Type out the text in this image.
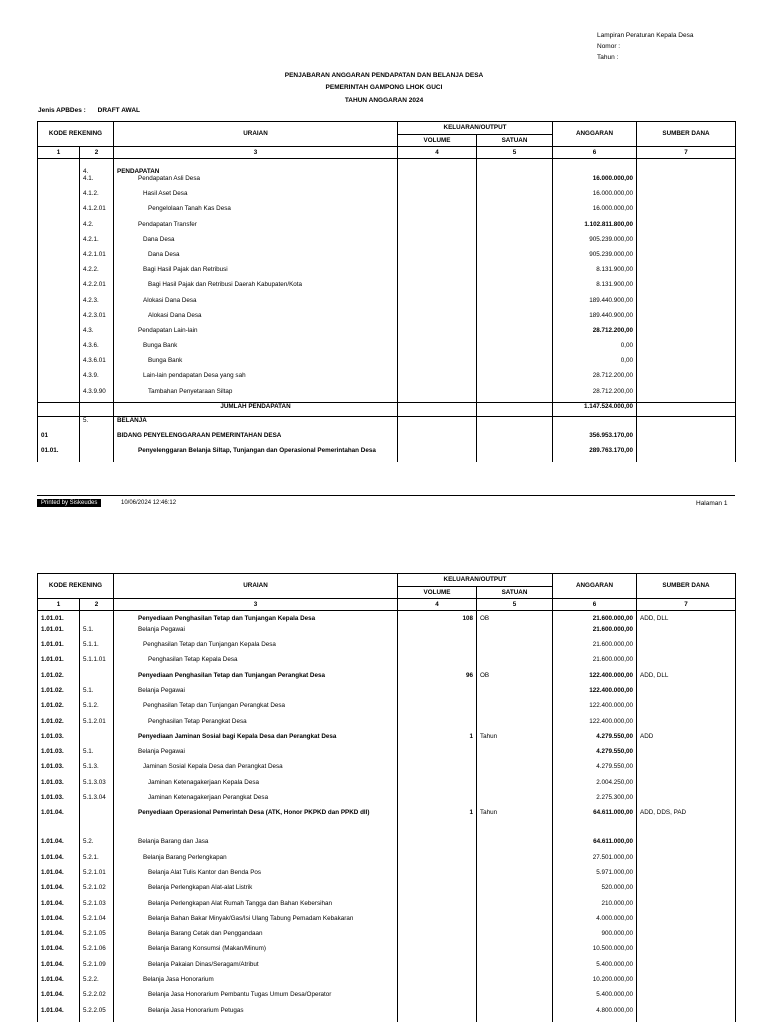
Lampiran Peraturan Kepala Desa
Nomor :
Tahun :
PENJABARAN ANGGARAN PENDAPATAN DAN BELANJA DESA
PEMERINTAH GAMPONG LHOK GUCI
TAHUN ANGGARAN 2024
Jenis APBDes : DRAFT AWAL
KODE REKENING		URAIAN	KELUARAN/OUTPUT		ANGGARAN	SUMBER DANA
			VOLUME	SATUAN		
1	2	3	4	5	6	7
	4.	PENDAPATAN				
	4.1.	Pendapatan Asli Desa			16.000.000,00	
	4.1.2.	Hasil Aset Desa			16.000.000,00	
	4.1.2.01	Pengelolaan Tanah Kas Desa			16.000.000,00	
	4.2.	Pendapatan Transfer			1.102.811.800,00	
	4.2.1.	Dana Desa			905.239.000,00	
	4.2.1.01	Dana Desa			905.239.000,00	
	4.2.2.	Bagi Hasil Pajak dan Retribusi			8.131.900,00	
	4.2.2.01	Bagi Hasil Pajak dan Retribusi Daerah Kabupaten/Kota			8.131.900,00	
	4.2.3.	Alokasi Dana Desa			189.440.900,00	
	4.2.3.01	Alokasi Dana Desa			189.440.900,00	
	4.3.	Pendapatan Lain-lain			28.712.200,00	
	4.3.6.	Bunga Bank			0,00	
	4.3.6.01	Bunga Bank			0,00	
	4.3.9.	Lain-lain pendapatan Desa yang sah			28.712.200,00	
	4.3.9.90	Tambahan Penyetaraan Siltap			28.712.200,00	
		JUMLAH PENDAPATAN			1.147.524.000,00	
	5.	BELANJA				
01		BIDANG PENYELENGGARAAN PEMERINTAHAN DESA			356.953.170,00	
01.01.		Penyelenggaran Belanja Siltap, Tunjangan dan Operasional Pemerintahan Desa			289.763.170,00	
Printed by Siskeudes	10/06/2024 12:46:12	Halaman 1
KODE REKENING		URAIAN	KELUARAN/OUTPUT		ANGGARAN	SUMBER DANA
			VOLUME	SATUAN		
1	2	3	4	5	6	7
1.01.01.		Penyediaan Penghasilan Tetap dan Tunjangan Kepala Desa	108	OB	21.600.000,00	ADD, DLL
1.01.01.	5.1.	Belanja Pegawai			21.600.000,00	
1.01.01.	5.1.1.	Penghasilan Tetap dan Tunjangan Kepala Desa			21.600.000,00	
1.01.01.	5.1.1.01	Penghasilan Tetap Kepala Desa			21.600.000,00	
1.01.02.		Penyediaan Penghasilan Tetap dan Tunjangan Perangkat Desa	96	OB	122.400.000,00	ADD, DLL
1.01.02.	5.1.	Belanja Pegawai			122.400.000,00	
1.01.02.	5.1.2.	Penghasilan Tetap dan Tunjangan Perangkat Desa			122.400.000,00	
1.01.02.	5.1.2.01	Penghasilan Tetap Perangkat Desa			122.400.000,00	
1.01.03.		Penyediaan Jaminan Sosial bagi Kepala Desa dan Perangkat Desa	1	Tahun	4.279.550,00	ADD
1.01.03.	5.1.	Belanja Pegawai			4.279.550,00	
1.01.03.	5.1.3.	Jaminan Sosial Kepala Desa dan Perangkat Desa			4.279.550,00	
1.01.03.	5.1.3.03	Jaminan Ketenagakerjaan Kepala Desa			2.004.250,00	
1.01.03.	5.1.3.04	Jaminan Ketenagakerjaan Perangkat Desa			2.275.300,00	
1.01.04.		Penyediaan Operasional Pemerintah Desa (ATK, Honor PKPKD dan PPKD dll)	1	Tahun	64.611.000,00	ADD, DDS, PAD
1.01.04.	5.2.	Belanja Barang dan Jasa			64.611.000,00	
1.01.04.	5.2.1.	Belanja Barang Perlengkapan			27.501.000,00	
1.01.04.	5.2.1.01	Belanja Alat Tulis Kantor dan Benda Pos			5.971.000,00	
1.01.04.	5.2.1.02	Belanja Perlengkapan Alat-alat Listrik			520.000,00	
1.01.04.	5.2.1.03	Belanja Perlengkapan Alat Rumah Tangga dan Bahan Kebersihan			210.000,00	
1.01.04.	5.2.1.04	Belanja Bahan Bakar Minyak/Gas/Isi Ulang Tabung Pemadam Kebakaran			4.000.000,00	
1.01.04.	5.2.1.05	Belanja Barang Cetak dan Penggandaan			900.000,00	
1.01.04.	5.2.1.06	Belanja Barang Konsumsi (Makan/Minum)			10.500.000,00	
1.01.04.	5.2.1.09	Belanja Pakaian Dinas/Seragam/Atribut			5.400.000,00	
1.01.04.	5.2.2.	Belanja Jasa Honorarium			10.200.000,00	
1.01.04.	5.2.2.02	Belanja Jasa Honorarium Pembantu Tugas Umum Desa/Operator			5.400.000,00	
1.01.04.	5.2.2.05	Belanja Jasa Honorarium Petugas			4.800.000,00	
